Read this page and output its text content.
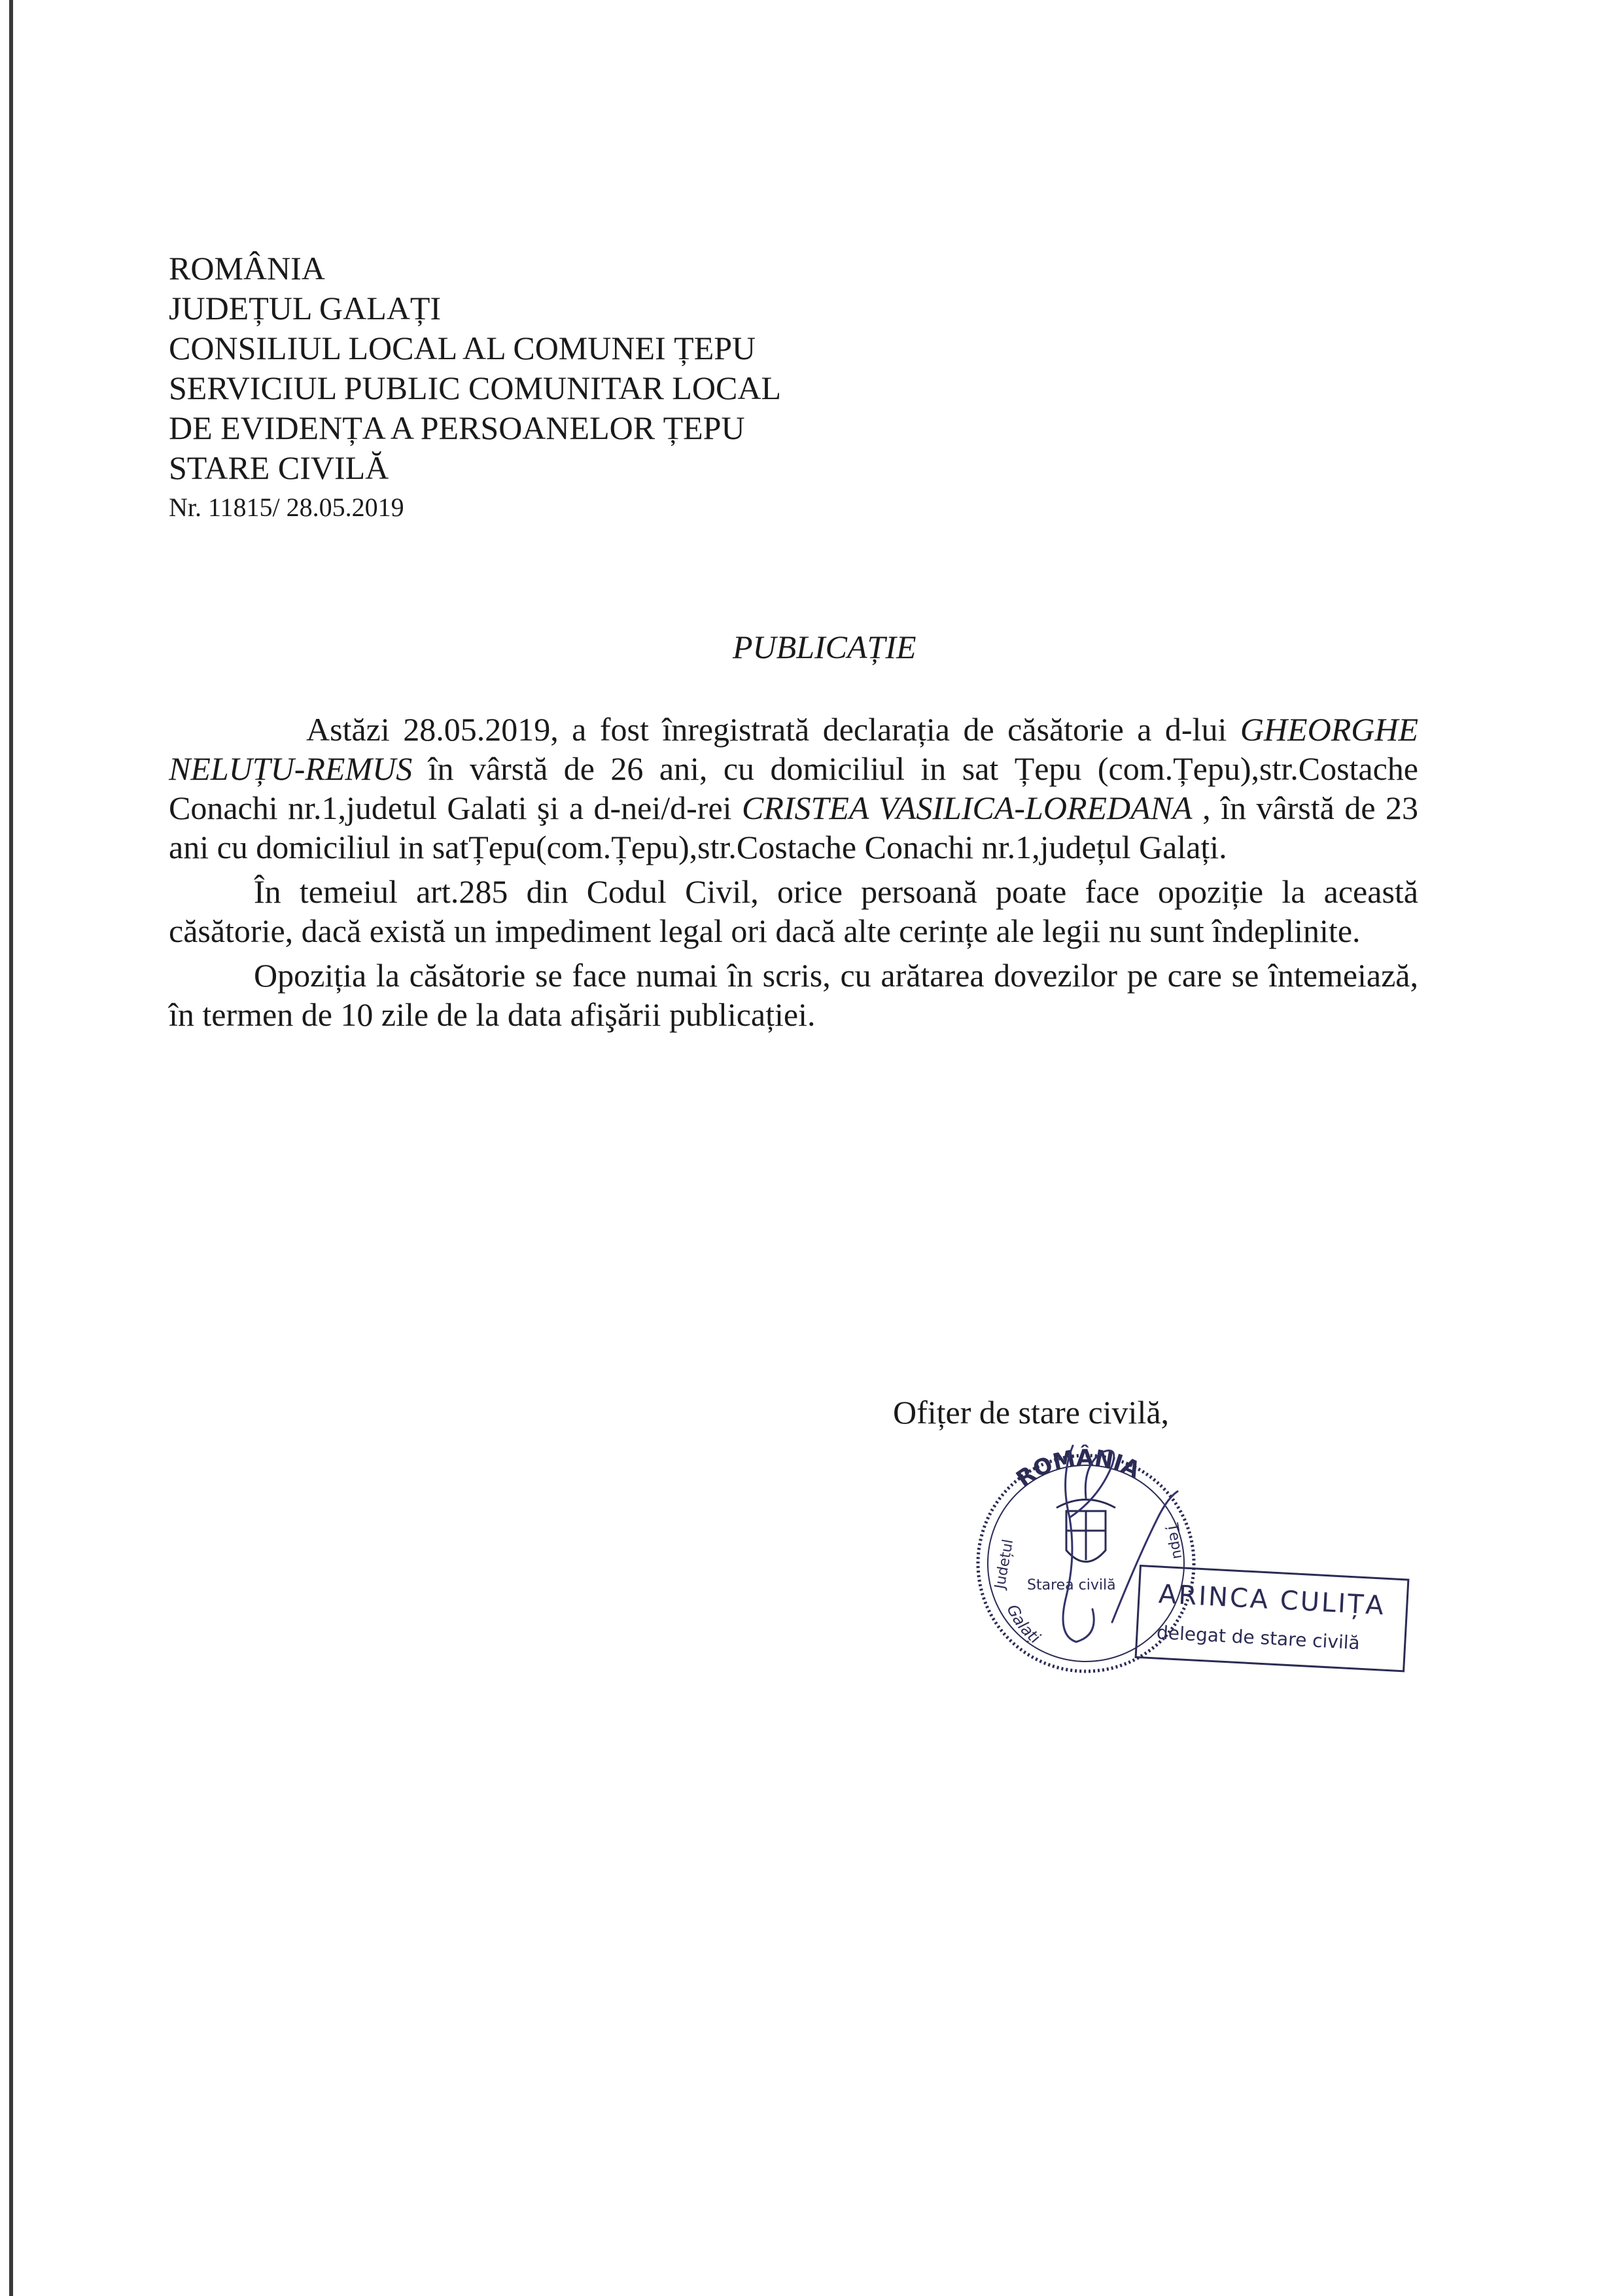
ROMÂNIA
JUDEȚUL GALAȚI
CONSILIUL LOCAL AL COMUNEI ȚEPU
SERVICIUL PUBLIC COMUNITAR LOCAL
DE EVIDENȚA A PERSOANELOR ȚEPU
STARE CIVILĂ
Nr. 11815/ 28.05.2019
PUBLICAȚIE

Astăzi 28.05.2019, a fost înregistrată declarația de căsătorie a d-lui GHEORGHE NELUȚU-REMUS în vârstă de 26 ani, cu domiciliul in sat Țepu (com.Țepu),str.Costache Conachi nr.1,judetul Galati şi a d-nei/d-rei CRISTEA VASILICA-LOREDANA , în vârstă de 23 ani cu domiciliul in satȚepu(com.Țepu),str.Costache Conachi nr.1,județul Galați.

În temeiul art.285 din Codul Civil, orice persoană poate face opoziție la această căsătorie, dacă există un impediment legal ori dacă alte cerințe ale legii nu sunt îndeplinite.

Opoziția la căsătorie se face numai în scris, cu arătarea dovezilor pe care se întemeiază, în termen de 10 zile de la data afişării publicației.

Ofițer de stare civilă,
ROMÂNIA
Galați
Județul	Țepu
Starea civilă ARINCA CULIȚA
delegat de stare civilă
